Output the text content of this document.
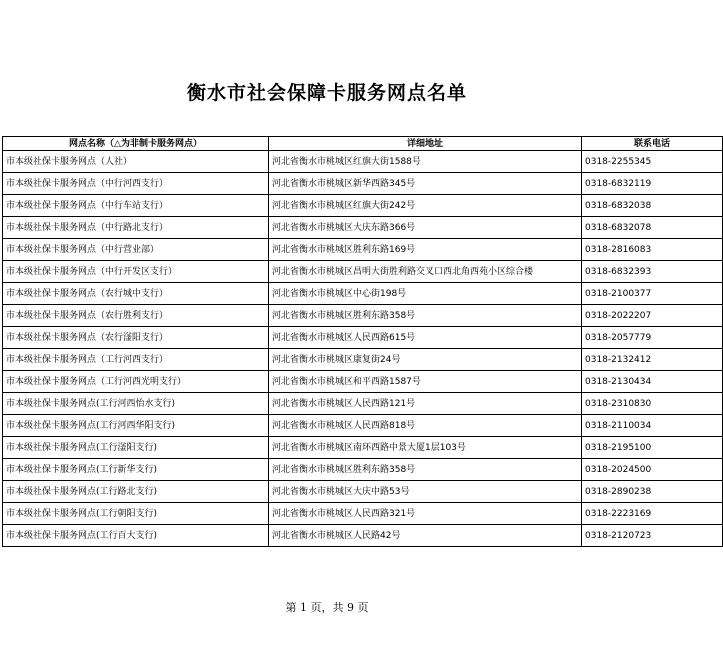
衡水市社会保障卡服务网点名单
网点名称（△为非制卡服务网点）	详细地址	联系电话
市本级社保卡服务网点（人社）	河北省衡水市桃城区红旗大街1588号	0318-2255345
市本级社保卡服务网点（中行河西支行）	河北省衡水市桃城区新华西路345号	0318-6832119
市本级社保卡服务网点（中行车站支行）	河北省衡水市桃城区红旗大街242号	0318-6832038
市本级社保卡服务网点（中行路北支行）	河北省衡水市桃城区大庆东路366号	0318-6832078
市本级社保卡服务网点（中行营业部）	河北省衡水市桃城区胜利东路169号	0318-2816083
市本级社保卡服务网点（中行开发区支行）	河北省衡水市桃城区昌明大街胜利路交叉口西北角西苑小区综合楼	0318-6832393
市本级社保卡服务网点（农行城中支行）	河北省衡水市桃城区中心街198号	0318-2100377
市本级社保卡服务网点（农行胜利支行）	河北省衡水市桃城区胜利东路358号	0318-2022207
市本级社保卡服务网点（农行滏阳支行）	河北省衡水市桃城区人民西路615号	0318-2057779
市本级社保卡服务网点（工行河西支行）	河北省衡水市桃城区康复街24号	0318-2132412
市本级社保卡服务网点（工行河西光明支行）	河北省衡水市桃城区和平西路1587号	0318-2130434
市本级社保卡服务网点(工行河西怡水支行)	河北省衡水市桃城区人民西路121号	0318-2310830
市本级社保卡服务网点(工行河西华阳支行)	河北省衡水市桃城区人民西路818号	0318-2110034
市本级社保卡服务网点(工行滏阳支行)	河北省衡水市桃城区南环西路中景大厦1层103号	0318-2195100
市本级社保卡服务网点(工行新华支行)	河北省衡水市桃城区胜利东路358号	0318-2024500
市本级社保卡服务网点(工行路北支行)	河北省衡水市桃城区大庆中路53号	0318-2890238
市本级社保卡服务网点(工行朝阳支行)	河北省衡水市桃城区人民西路321号	0318-2223169
市本级社保卡服务网点(工行百大支行)	河北省衡水市桃城区人民路42号	0318-2120723
第 1 页，共 9 页
